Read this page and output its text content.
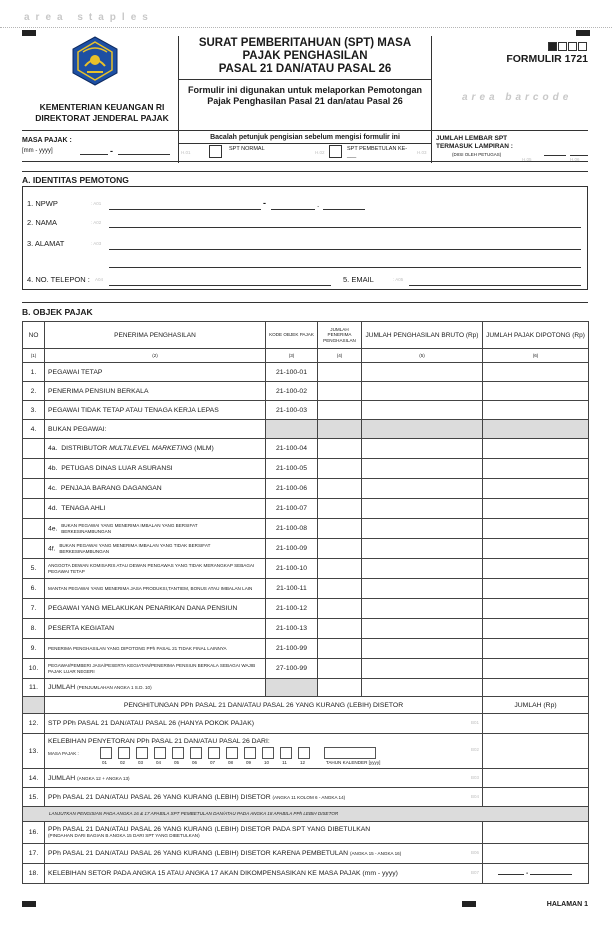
area staples
KEMENTERIAN KEUANGAN RI
DIREKTORAT JENDERAL PAJAK
SURAT PEMBERITAHUAN (SPT) MASA
PAJAK PENGHASILAN
PASAL 21 DAN/ATAU PASAL 26
Formulir ini digunakan untuk melaporkan Pemotongan Pajak Penghasilan Pasal 21 dan/atau Pasal 26
FORMULIR 1721
area barcode
MASA PAJAK :
[mm - yyyy]	-
Bacalah petunjuk pengisian sebelum mengisi formulir ini
H.01
SPT NORMAL
H.02
SPT PEMBETULAN KE- ___	H.03
JUMLAH LEMBAR SPT
TERMASUK LAMPIRAN :
(DIISI OLEH PETUGAS)
H.05	H.06
A. IDENTITAS PEMOTONG
1. NPWP	: A01	-	.
2. NAMA	: A02
3. ALAMAT	: A03
4. NO. TELEPON : A04	5. EMAIL	: A05
B. OBJEK PAJAK
NO	PENERIMA PENGHASILAN	KODE OBJEK PAJAK	JUMLAH PENERIMA PENGHASILAN	JUMLAH PENGHASILAN BRUTO (Rp)	JUMLAH PAJAK DIPOTONG (Rp)
(1)	(2)	(3)	(4)	(5)	(6)
1.	PEGAWAI TETAP	21-100-01			
2.	PENERIMA PENSIUN BERKALA	21-100-02			
3.	PEGAWAI TIDAK TETAP ATAU TENAGA KERJA LEPAS	21-100-03			
4.	BUKAN PEGAWAI:				
	4a. DISTRIBUTOR MULTILEVEL MARKETING (MLM)	21-100-04			
	4b. PETUGAS DINAS LUAR ASURANSI	21-100-05			
	4c. PENJAJA BARANG DAGANGAN	21-100-06			
	4d. TENAGA AHLI	21-100-07			
	4e. BUKAN PEGAWAI YANG MENERIMA IMBALAN YANG BERSIFAT BERKESINAMBUNGAN	21-100-08			
	4f. BUKAN PEGAWAI YANG MENERIMA IMBALAN YANG TIDAK BERSIFAT BERKESINAMBUNGAN	21-100-09			
5.	ANGGOTA DEWAN KOMISARIS ATAU DEWAN PENGAWAS YANG TIDAK MERANGKAP SEBAGAI PEGAWAI TETAP	21-100-10			
6.	MANTAN PEGAWAI YANG MENERIMA JASA PRODUKSI,TANTIEM, BONUS ATAU IMBALAN LAIN	21-100-11			
7.	PEGAWAI YANG MELAKUKAN PENARIKAN DANA PENSIUN	21-100-12			
8.	PESERTA KEGIATAN	21-100-13			
9.	PENERIMA PENGHASILAN YANG DIPOTONG PPh PASAL 21 TIDAK FINAL LAINNYA	21-100-99			
10.	PEGAWAI/PEMBERI JASA/PESERTA KEGIATAN/PENERIMA PENSIUN BERKALA SEBAGAI WAJIB PAJAK LUAR NEGERI	27-100-99			
11.	JUMLAH (PENJUMLAHAN ANGKA 1 S.D. 10)				
	PENGHITUNGAN PPh PASAL 21 DAN/ATAU PASAL 26 YANG KURANG (LEBIH) DISETOR				JUMLAH (Rp)
12.	STP PPh PASAL 21 DAN/ATAU PASAL 26 (HANYA POKOK PAJAK) B01				

13.	KELEBIHAN PENYETORAN PPh PASAL 21 DAN/ATAU PASAL 26 DARI:
MASA PAJAK :
B02
01 02 03 04 05 06 07 08 09 10 11 12 TAHUN KALENDER [yyyy]				

14.	JUMLAH (ANGKA 12 + ANGKA 13) B03				

15.	PPh PASAL 21 DAN/ATAU PASAL 26 YANG KURANG (LEBIH) DISETOR (ANGKA 11 KOLOM 6 - ANGKA 14) B04				

LANJUTKAN PENGISIAN PADA ANGKA 16 & 17 APABILA SPT PEMBETULAN DAN/ATAU PADA ANGKA 18 APABILA PPh LEBIH DISETOR					
16.	PPh PASAL 21 DAN/ATAU PASAL 26 YANG KURANG (LEBIH) DISETOR PADA SPT YANG DIBETULKAN
(PINDAHAN DARI BAGIAN B ANGKA 15 DARI SPT YANG DIBETULKAN)				

17.	PPh PASAL 21 DAN/ATAU PASAL 26 YANG KURANG (LEBIH) DISETOR KARENA PEMBETULAN (ANGKA 15 - ANGKA 16) B06				

18.	KELEBIHAN SETOR PADA ANGKA 15 ATAU ANGKA 17 AKAN DIKOMPENSASIKAN KE MASA PAJAK (mm - yyyy) B07				-
HALAMAN 1
